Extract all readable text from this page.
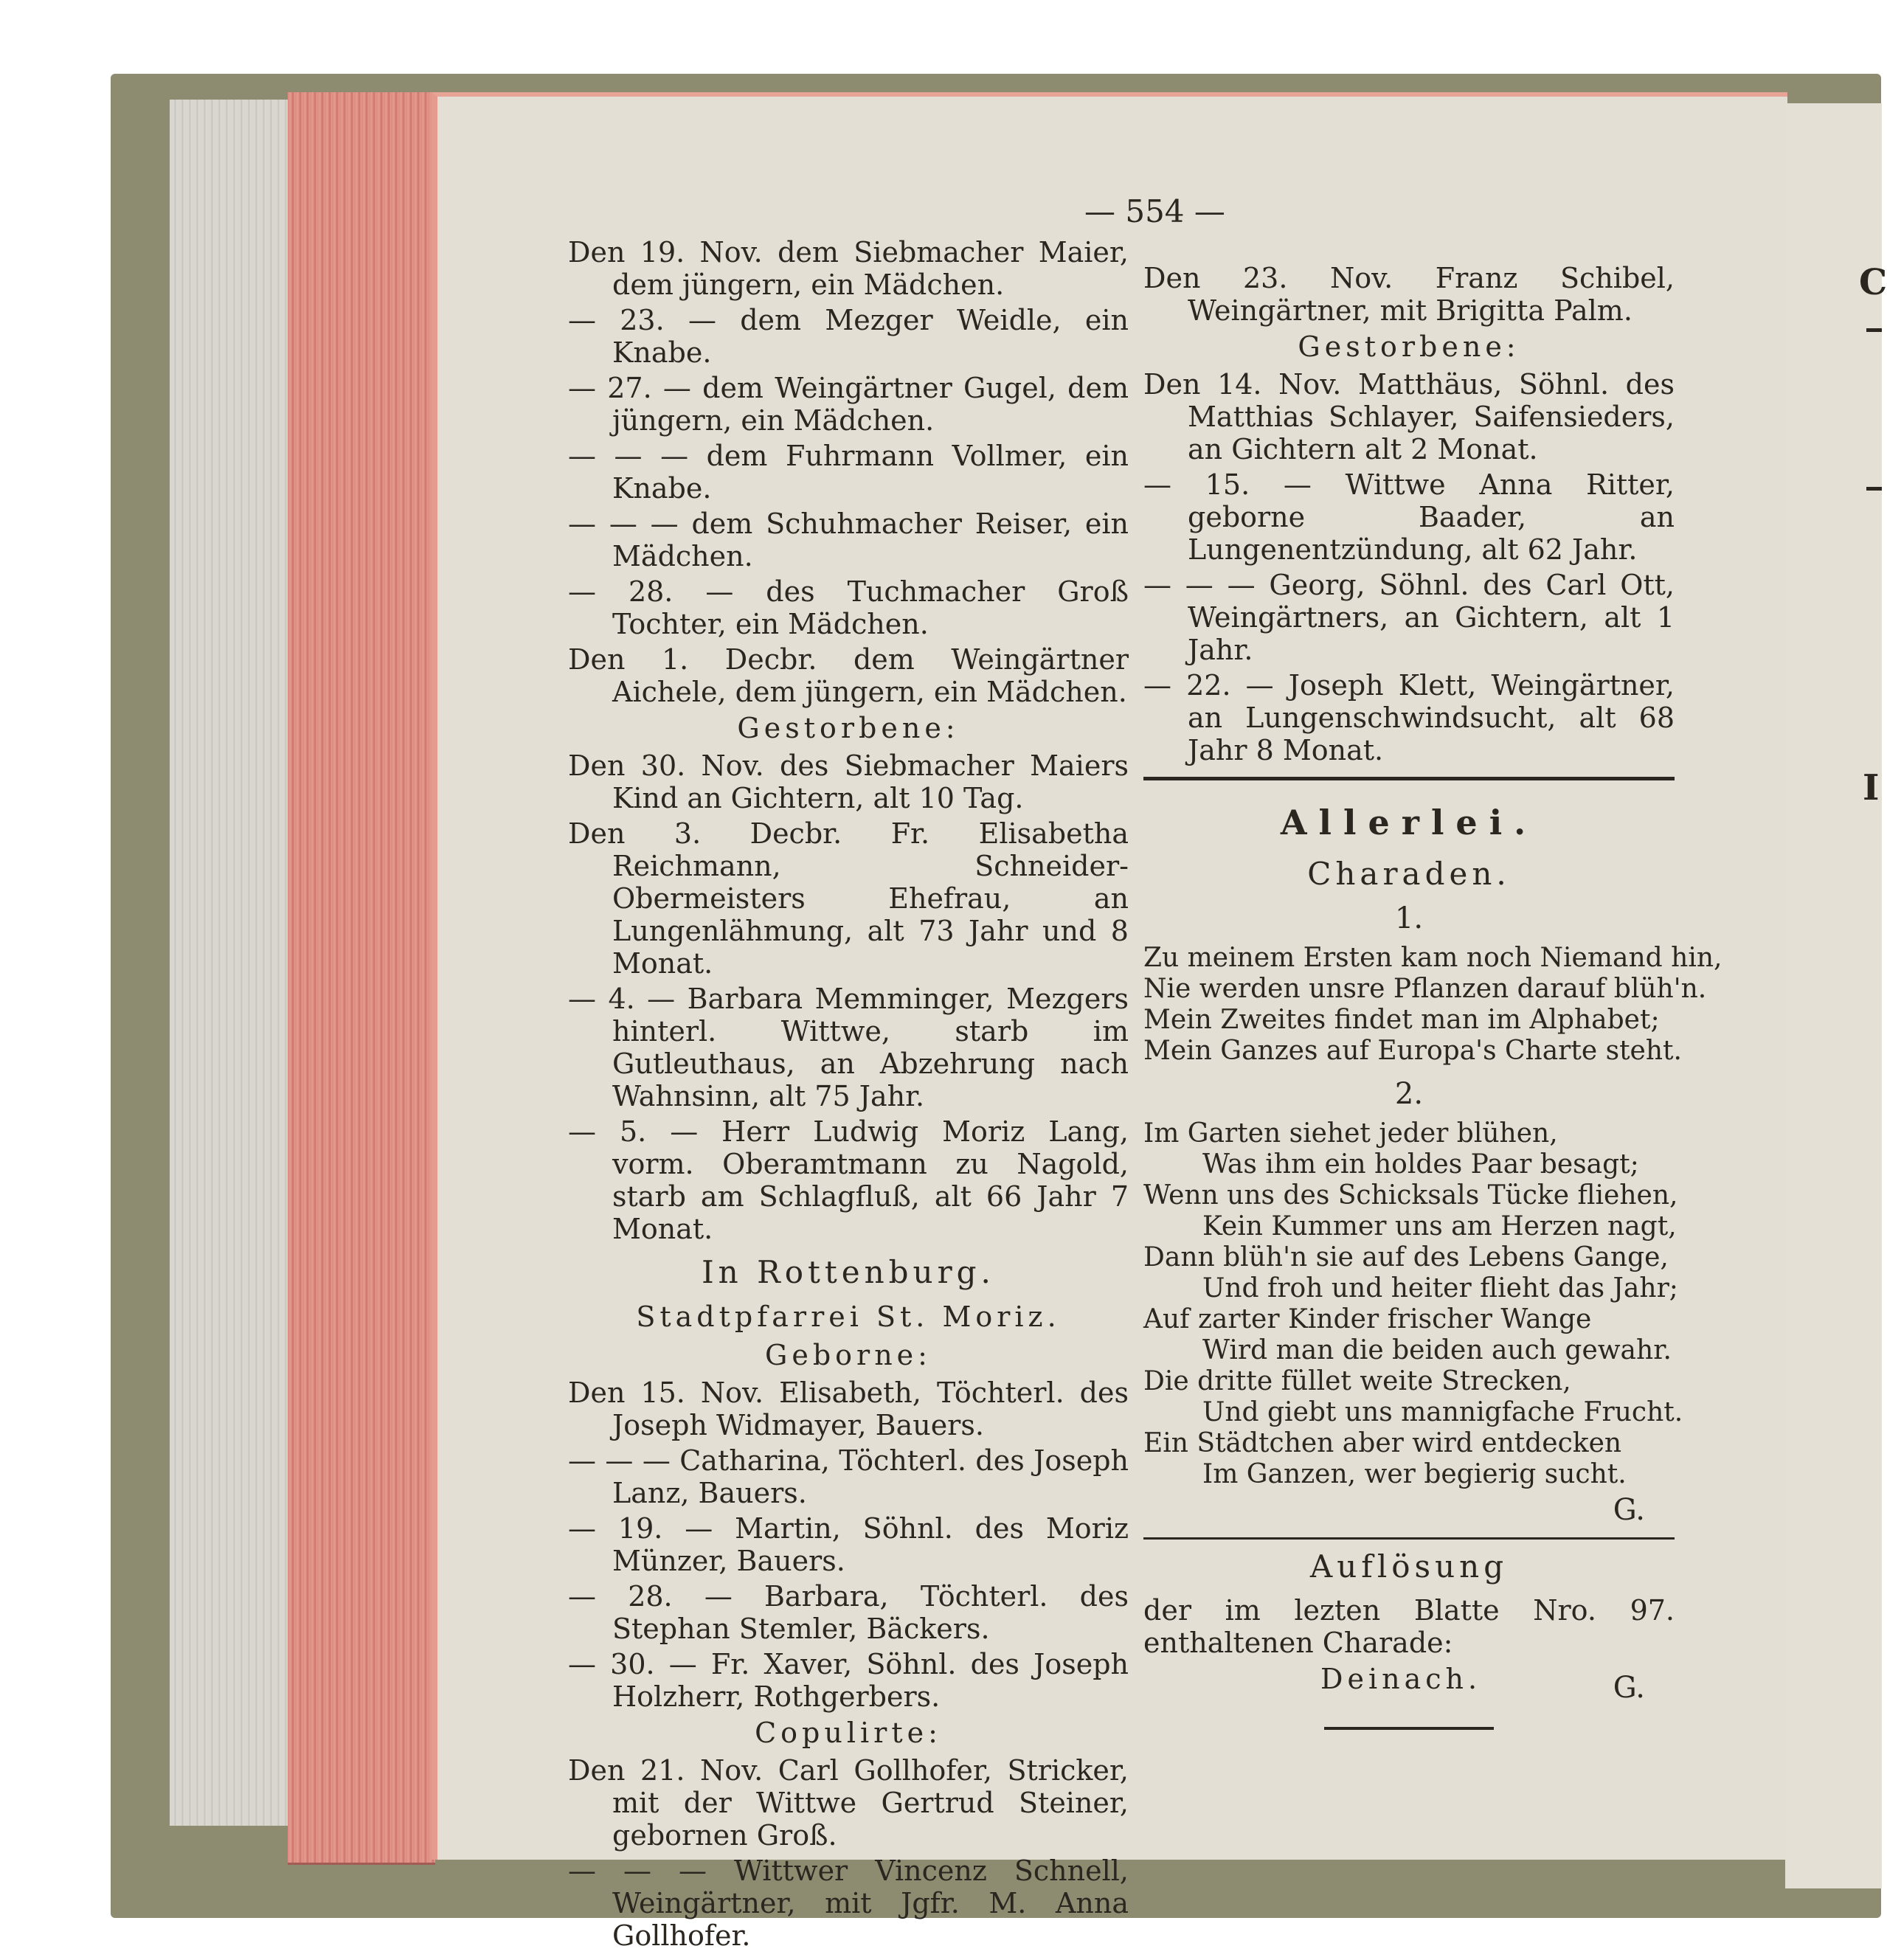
C
I
— 554 —

Den 19. Nov. dem Siebmacher Maier, dem jüngern, ein Mädchen.

— 23. — dem Mezger Weidle, ein Knabe.

— 27. — dem Weingärtner Gugel, dem jüngern, ein Mädchen.

— — — dem Fuhrmann Vollmer, ein Knabe.

— — — dem Schuhmacher Reiser, ein Mädchen.

— 28. — des Tuchmacher Groß Tochter, ein Mädchen.

Den 1. Decbr. dem Weingärtner Aichele, dem jüngern, ein Mädchen.

Gestorbene:

Den 30. Nov. des Siebmacher Maiers Kind an Gichtern, alt 10 Tag.

Den 3. Decbr. Fr. Elisabetha Reichmann, Schneider-Obermeisters Ehefrau, an Lungenlähmung, alt 73 Jahr und 8 Monat.

— 4. — Barbara Memminger, Mezgers hinterl. Wittwe, starb im Gutleuthaus, an Abzehrung nach Wahnsinn, alt 75 Jahr.

— 5. — Herr Ludwig Moriz Lang, vorm. Oberamtmann zu Nagold, starb am Schlagfluß, alt 66 Jahr 7 Monat.

In Rottenburg.
Stadtpfarrei St. Moriz.
Geborne:

Den 15. Nov. Elisabeth, Töchterl. des Joseph Widmayer, Bauers.

— — — Catharina, Töchterl. des Joseph Lanz, Bauers.

— 19. — Martin, Söhnl. des Moriz Münzer, Bauers.

— 28. — Barbara, Töchterl. des Stephan Stemler, Bäckers.

— 30. — Fr. Xaver, Söhnl. des Joseph Holzherr, Rothgerbers.

Copulirte:

Den 21. Nov. Carl Gollhofer, Stricker, mit der Wittwe Gertrud Steiner, gebornen Groß.

— — — Wittwer Vincenz Schnell, Weingärtner, mit Jgfr. M. Anna Gollhofer.

Den 23. Nov. Franz Schibel, Weingärtner, mit Brigitta Palm.

Gestorbene:

Den 14. Nov. Matthäus, Söhnl. des Matthias Schlayer, Saifensieders, an Gichtern alt 2 Monat.

— 15. — Wittwe Anna Ritter, geborne Baader, an Lungenentzündung, alt 62 Jahr.

— — — Georg, Söhnl. des Carl Ott, Weingärtners, an Gichtern, alt 1 Jahr.

— 22. — Joseph Klett, Weingärtner, an Lungenschwindsucht, alt 68 Jahr 8 Monat.

Allerlei.
Charaden.
1.
Zu meinem Ersten kam noch Niemand hin,
Nie werden unsre Pflanzen darauf blüh'n.
Mein Zweites findet man im Alphabet;
Mein Ganzes auf Europa's Charte steht.
2.
Im Garten siehet jeder blühen,
Was ihm ein holdes Paar besagt;
Wenn uns des Schicksals Tücke fliehen,
Kein Kummer uns am Herzen nagt,
Dann blüh'n sie auf des Lebens Gange,
Und froh und heiter flieht das Jahr;
Auf zarter Kinder frischer Wange
Wird man die beiden auch gewahr.
Die dritte füllet weite Strecken,
Und giebt uns mannigfache Frucht.
Ein Städtchen aber wird entdecken
Im Ganzen, wer begierig sucht.
G.
Auflösung

der im lezten Blatte Nro. 97. enthaltenen Charade:

Deinach.	G.
